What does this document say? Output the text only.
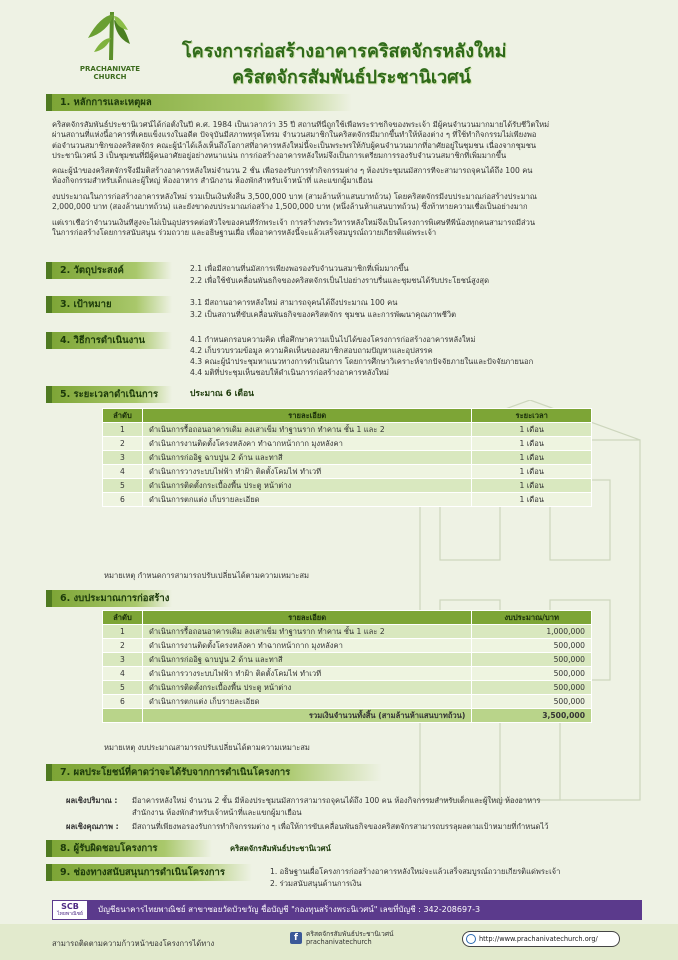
PRACHANIVATE
CHURCH
โครงการก่อสร้างอาคารคริสตจักรหลังใหม่
คริสตจักรสัมพันธ์ประชานิเวศน์
1. หลักการและเหตุผล
คริสตจักรสัมพันธ์ประชานิเวศน์ได้ก่อตั้งในปี ค.ศ. 1984 เป็นเวลากว่า 35 ปี สถานที่นี้ถูกใช้เพื่อพระราชกิจของพระเจ้า มีผู้คนจำนวนมากมายได้รับชีวิตใหม่
ผ่านสถานที่แห่งนี้อาคารที่เคยแข็งแรงในอดีต ปัจจุบันมีสภาพทรุดโทรม จำนวนสมาชิกในคริสตจักรมีมากขึ้นทำให้ห้องต่าง ๆ ที่ใช้ทำกิจกรรมไม่เพียงพอ
ต่อจำนวนสมาชิกของคริสตจักร คณะผู้นำได้เล็งเห็นถึงโอกาสที่อาคารหลังใหม่นี้จะเป็นพระพรให้กับผู้คนจำนวนมากที่อาศัยอยู่ในชุมชน เนื่องจากชุมชน
ประชานิเวศน์ 3 เป็นชุมชนที่มีผู้คนอาศัยอยู่อย่างหนาแน่น การก่อสร้างอาคารหลังใหม่จึงเป็นการเตรียมการรองรับจำนวนสมาชิกที่เพิ่มมากขึ้น
คณะผู้นำของคริสตจักรจึงมีมติสร้างอาคารหลังใหม่จำนวน 2 ชั้น เพื่อรองรับการทำกิจกรรมต่าง ๆ ห้องประชุมนมัสการที่จะสามารถจุคนได้ถึง 100 คน
ห้องกิจกรรมสำหรับเด็กและผู้ใหญ่ ห้องอาหาร สำนักงาน ห้องพักสำหรับเจ้าหน้าที่ และแขกผู้มาเยือน
งบประมาณในการก่อสร้างอาคารหลังใหม่ รวมเป็นเงินทั้งสิ้น 3,500,000 บาท (สามล้านห้าแสนบาทถ้วน) โดยคริสตจักรมีงบประมาณก่อสร้างประมาณ
2,000,000 บาท (สองล้านบาทถ้วน) และยังขาดงบประมาณก่อสร้าง 1,500,000 บาท (หนึ่งล้านห้าแสนบาทถ้วน) ซึ่งท้าทายความเชื่อเป็นอย่างมาก
แต่เราเชื่อว่าจำนวนเงินที่สูงจะไม่เป็นอุปสรรคต่อหัวใจของคนที่รักพระเจ้า การสร้างพระวิหารหลังใหม่จึงเป็นโครงการพิเศษที่พี่น้องทุกคนสามารถมีส่วน
ในการก่อสร้างโดยการสนับสนุน ร่วมถวาย และอธิษฐานเผื่อ เพื่ออาคารหลังนี้จะแล้วเสร็จสมบูรณ์ถวายเกียรติแด่พระเจ้า
2. วัตถุประสงค์	2.1 เพื่อมีสถานที่นมัสการเพียงพอรองรับจำนวนสมาชิกที่เพิ่มมากขึ้น
2.2 เพื่อใช้ขับเคลื่อนพันธกิจของคริสตจักรเป็นไปอย่างราบรื่นและชุมชนได้รับประโยชน์สูงสุด
3. เป้าหมาย	3.1 มีสถานอาคารหลังใหม่ สามารถจุคนได้ถึงประมาณ 100 คน
3.2 เป็นสถานที่ขับเคลื่อนพันธกิจของคริสตจักร ชุมชน และการพัฒนาคุณภาพชีวิต
4. วิธีการดำเนินงาน	4.1 กำหนดกรอบความคิด เพื่อศึกษาความเป็นไปได้ของโครงการก่อสร้างอาคารหลังใหม่
4.2 เก็บรวบรวมข้อมูล ความคิดเห็นของสมาชิกสอบถามปัญหาและอุปสรรค
4.3 คณะผู้นำประชุมหาแนวทางการดำเนินการ โดยการศึกษาวิเคราะห์จากปัจจัยภายในและปัจจัยภายนอก
4.4 มติที่ประชุมเห็นชอบให้ดำเนินการก่อสร้างอาคารหลังใหม่
5. ระยะเวลาดำเนินการ	ประมาณ 6 เดือน
ลำดับ	รายละเอียด	ระยะเวลา
1	ดำเนินการรื้อถอนอาคารเดิม ลงเสาเข็ม ทำฐานราก ทำคาน ชั้น 1 และ 2	1 เดือน
2	ดำเนินการงานติดตั้งโครงหลังคา ทำฉากหน้ากาก มุงหลังคา	1 เดือน
3	ดำเนินการก่ออิฐ ฉาบปูน 2 ด้าน และทาสี	1 เดือน
4	ดำเนินการวางระบบไฟฟ้า ทำฝ้า ติดตั้งโคมไฟ ทำเวที	1 เดือน
5	ดำเนินการติดตั้งกระเบื้องพื้น ประตู หน้าต่าง	1 เดือน
6	ดำเนินการตกแต่ง เก็บรายละเอียด	1 เดือน
หมายเหตุ กำหนดการสามารถปรับเปลี่ยนได้ตามความเหมาะสม
6. งบประมาณการก่อสร้าง
ลำดับ	รายละเอียด	งบประมาณ/บาท
1	ดำเนินการรื้อถอนอาคารเดิม ลงเสาเข็ม ทำฐานราก ทำคาน ชั้น 1 และ 2	1,000,000
2	ดำเนินการงานติดตั้งโครงหลังคา ทำฉากหน้ากาก มุงหลังคา	500,000
3	ดำเนินการก่ออิฐ ฉาบปูน 2 ด้าน และทาสี	500,000
4	ดำเนินการวางระบบไฟฟ้า ทำฝ้า ติดตั้งโคมไฟ ทำเวที	500,000
5	ดำเนินการติดตั้งกระเบื้องพื้น ประตู หน้าต่าง	500,000
6	ดำเนินการตกแต่ง เก็บรายละเอียด	500,000
	รวมเงินจำนวนทั้งสิ้น (สามล้านห้าแสนบาทถ้วน)	3,500,000
หมายเหตุ งบประมาณสามารถปรับเปลี่ยนได้ตามความเหมาะสม
7. ผลประโยชน์ที่คาดว่าจะได้รับจากการดำเนินโครงการ
ผลเชิงปริมาณ : มีอาคารหลังใหม่ จำนวน 2 ชั้น มีห้องประชุมนมัสการสามารถจุคนได้ถึง 100 คน ห้องกิจกรรมสำหรับเด็กและผู้ใหญ่ ห้องอาหาร
สำนักงาน ห้องพักสำหรับเจ้าหน้าที่และแขกผู้มาเยือน
ผลเชิงคุณภาพ : มีสถานที่เพียงพอรองรับการทำกิจกรรมต่าง ๆ เพื่อให้การขับเคลื่อนพันธกิจของคริสตจักรสามารถบรรลุผลตามเป้าหมายที่กำหนดไว้
8. ผู้รับผิดชอบโครงการ	คริสตจักรสัมพันธ์ประชานิเวศน์
9. ช่องทางสนับสนุนการดำเนินโครงการ	1. อธิษฐานเผื่อโครงการก่อสร้างอาคารหลังใหม่จะแล้วเสร็จสมบูรณ์ถวายเกียรติแด่พระเจ้า
2. ร่วมสนับสนุนด้านการเงิน
SCB
ไทยพาณิชย์	บัญชีธนาคารไทยพาณิชย์ สาขาซอยวัดบัวขวัญ ชื่อบัญชี "กองทุนสร้างพระนิเวศน์" เลขที่บัญชี : 342-208697-3
สามารถติดตามความก้าวหน้าของโครงการได้ทาง
f	คริสตจักรสัมพันธ์ประชานิเวศน์
prachanivatechurch	http://www.prachanivatechurch.org/
